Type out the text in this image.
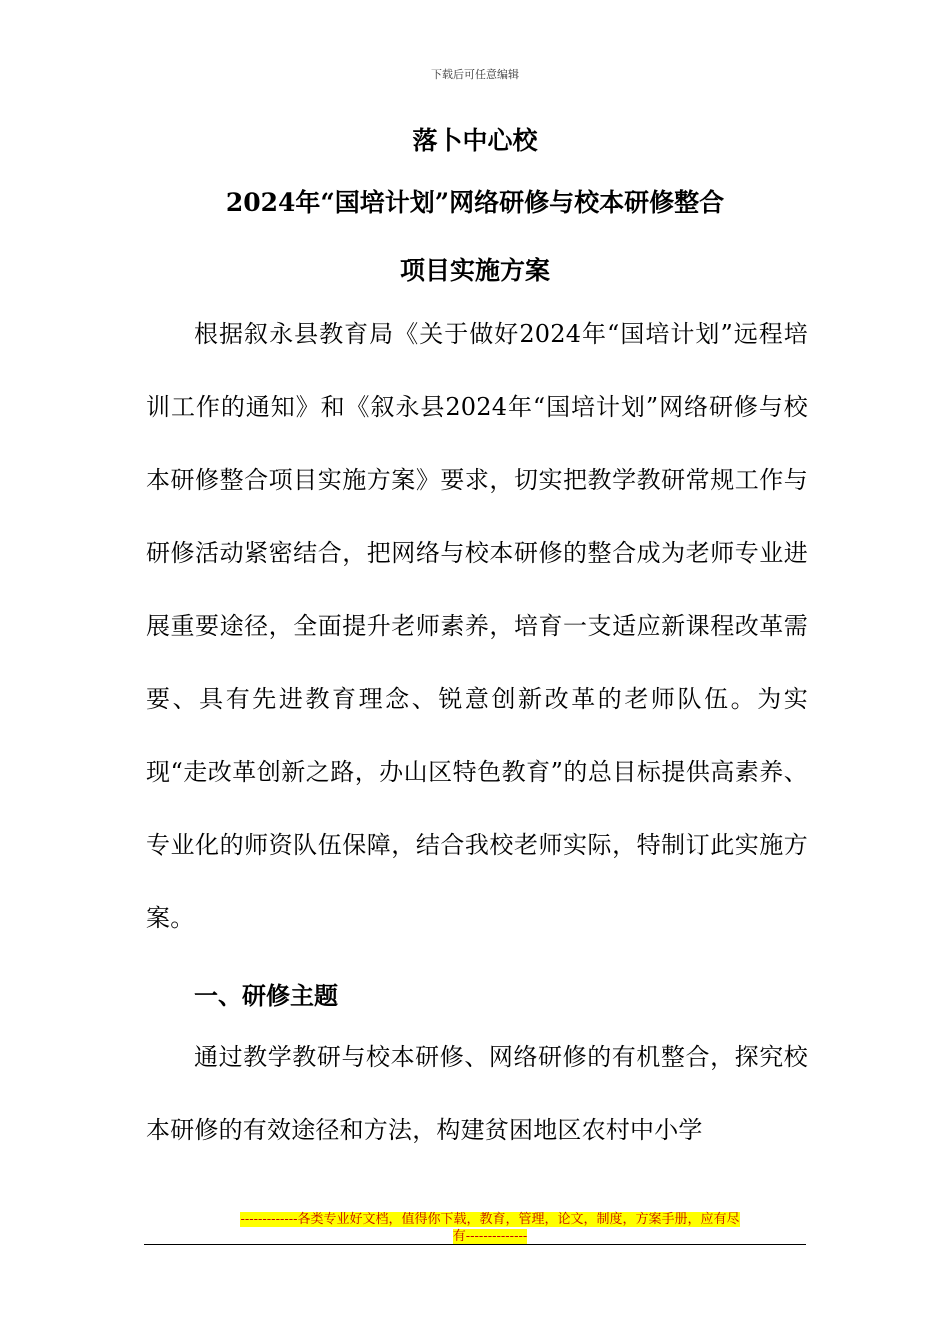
下载后可任意编辑
落卜中心校
2024年“国培计划”网络研修与校本研修整合
项目实施方案
根据叙永县教育局《关于做好2024年“国培计划”远程培训工作的通知》和《叙永县2024年“国培计划”网络研修与校本研修整合项目实施方案》要求，切实把教学教研常规工作与研修活动紧密结合，把网络与校本研修的整合成为老师专业进展重要途径，全面提升老师素养，培育一支适应新课程改革需要、具有先进教育理念、锐意创新改革的老师队伍。为实现“走改革创新之路，办山区特色教育”的总目标提供高素养、专业化的师资队伍保障，结合我校老师实际，特制订此实施方案。
一、研修主题
通过教学教研与校本研修、网络研修的有机整合，探究校本研修的有效途径和方法，构建贫困地区农村中小学
-------------各类专业好文档，值得你下载，教育，管理，论文，制度，方案手册，应有尽
有--------------
